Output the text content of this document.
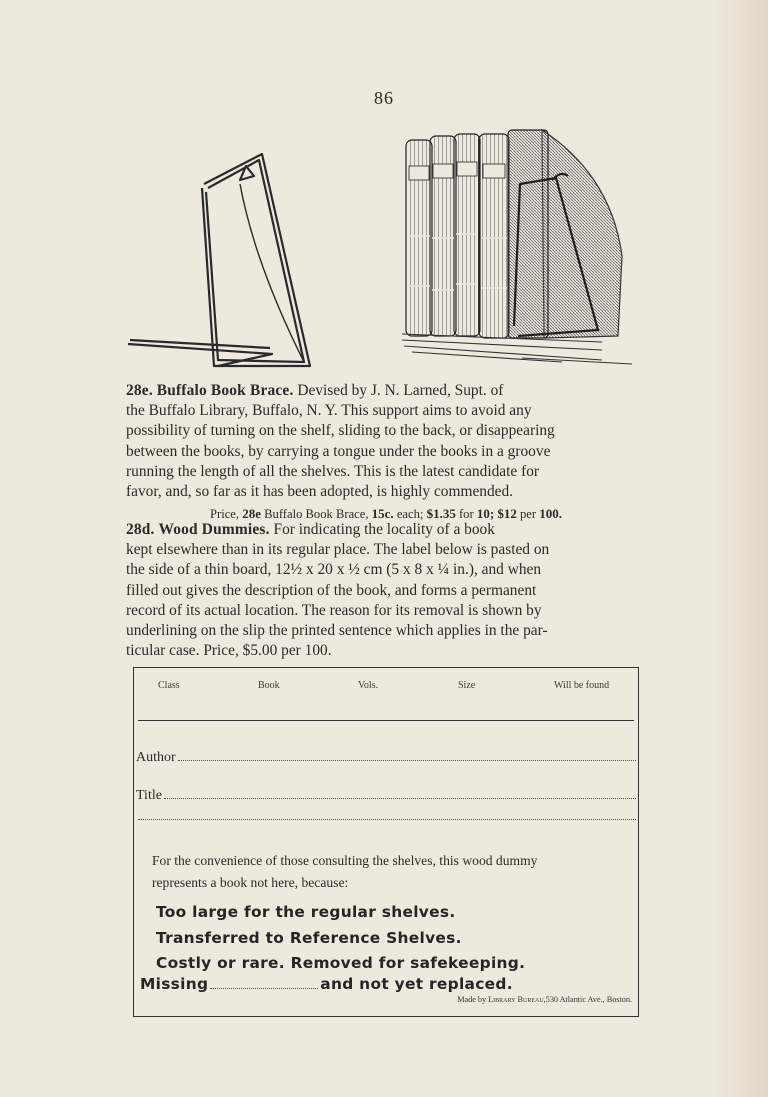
86
28e. Buffalo Book Brace. Devised by J. N. Larned, Supt. of
the Buffalo Library, Buffalo, N. Y. This support aims to avoid any
possibility of turning on the shelf, sliding to the back, or disappearing
between the books, by carrying a tongue under the books in a groove
running the length of all the shelves. This is the latest candidate for
favor, and, so far as it has been adopted, is highly commended.
Price, 28e Buffalo Book Brace, 15c. each; $1.35 for 10; $12 per 100.
28d. Wood Dummies. For indicating the locality of a book
kept elsewhere than in its regular place. The label below is pasted on
the side of a thin board, 12½ x 20 x ½ cm (5 x 8 x ¼ in.), and when
filled out gives the description of the book, and forms a permanent
record of its actual location. The reason for its removal is shown by
underlining on the slip the printed sentence which applies in the par-
ticular case. Price, $5.00 per 100.
Class	Book	Vols.	Size	Will be found
Author
Title
For the convenience of those consulting the shelves, this wood dummy
represents a book not here, because:
Too large for the regular shelves.
Transferred to Reference Shelves.
Costly or rare. Removed for safekeeping.
Missing	and not yet replaced.
Made by Library Bureau,530 Atlantic Ave., Boston.
